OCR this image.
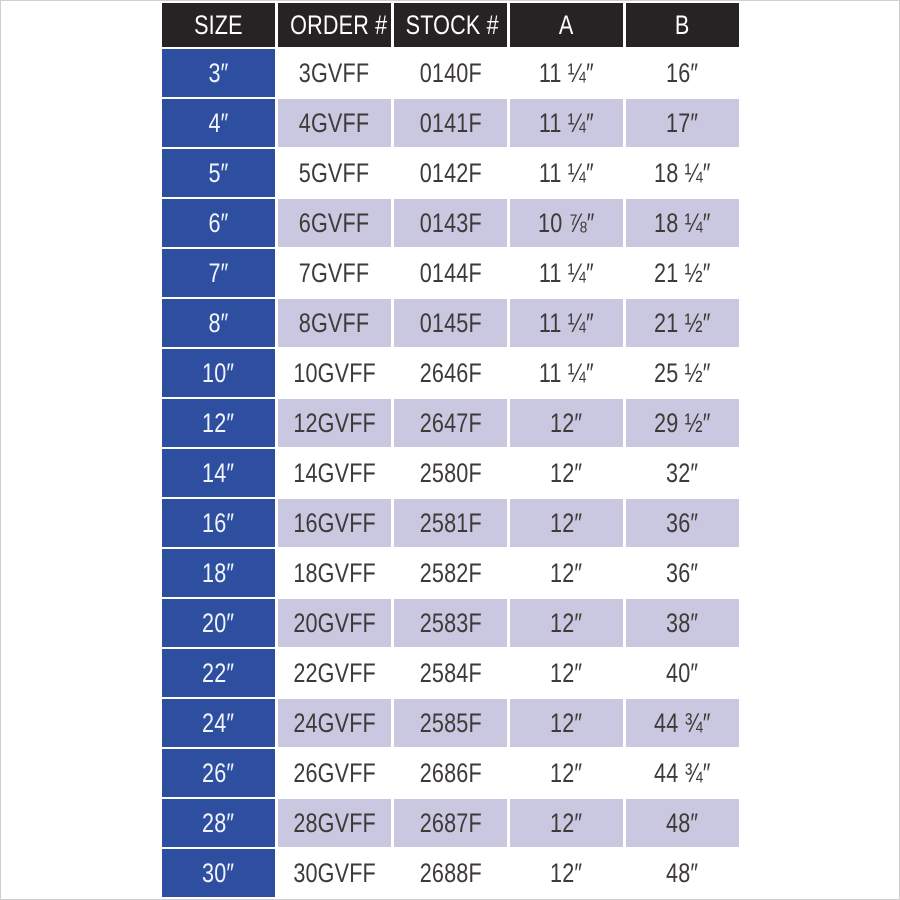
SIZE	ORDER #	STOCK #	A	B
3″	3GVFF	0140F	11 ¼″	16″
4″	4GVFF	0141F	11 ¼″	17″
5″	5GVFF	0142F	11 ¼″	18 ¼″
6″	6GVFF	0143F	10 ⅞″	18 ¼″
7″	7GVFF	0144F	11 ¼″	21 ½″
8″	8GVFF	0145F	11 ¼″	21 ½″
10″	10GVFF	2646F	11 ¼″	25 ½″
12″	12GVFF	2647F	12″	29 ½″
14″	14GVFF	2580F	12″	32″
16″	16GVFF	2581F	12″	36″
18″	18GVFF	2582F	12″	36″
20″	20GVFF	2583F	12″	38″
22″	22GVFF	2584F	12″	40″
24″	24GVFF	2585F	12″	44 ¾″
26″	26GVFF	2686F	12″	44 ¾″
28″	28GVFF	2687F	12″	48″
30″	30GVFF	2688F	12″	48″
